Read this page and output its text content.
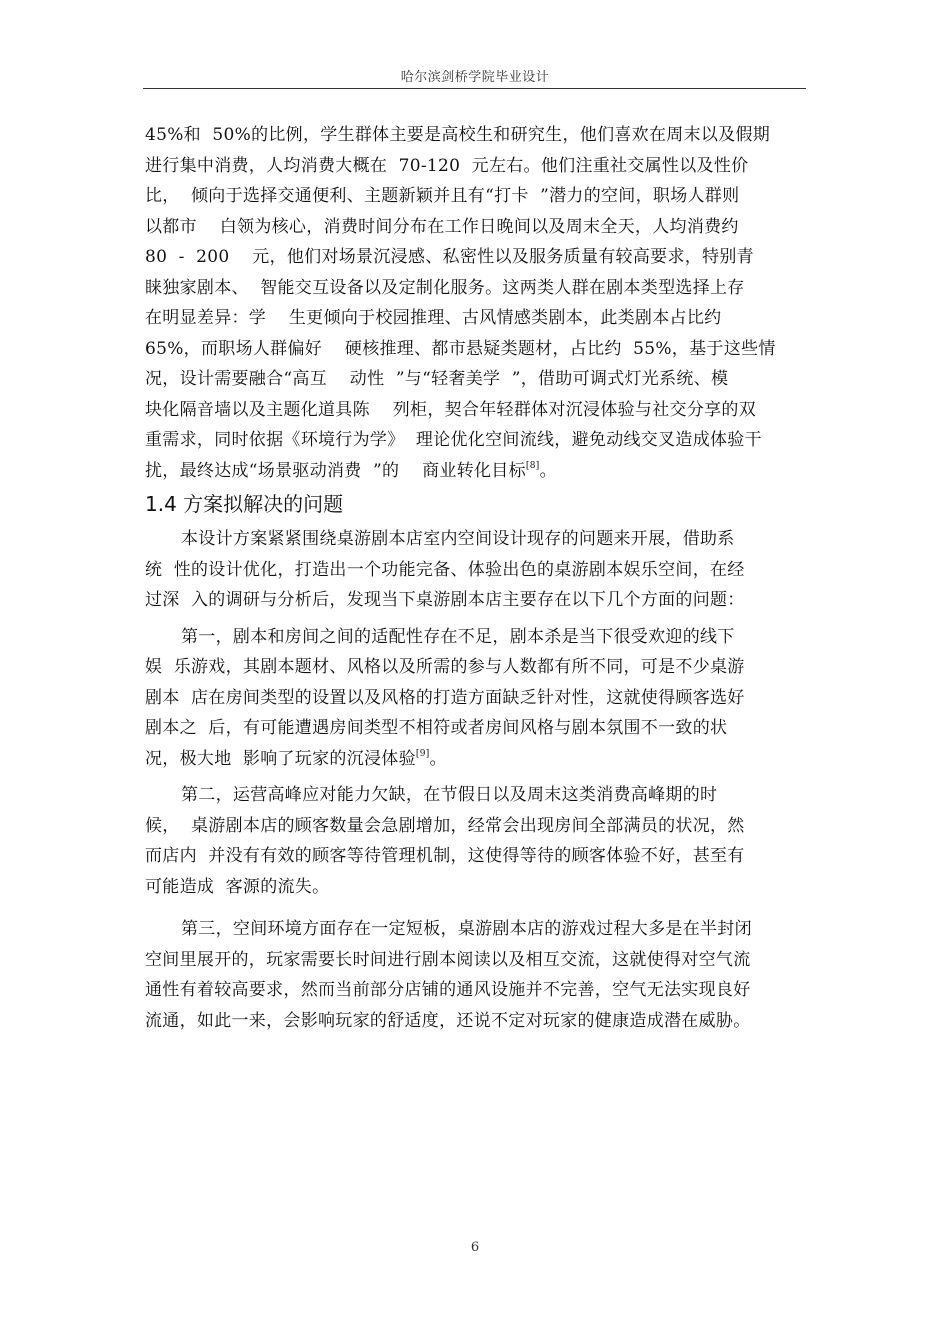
哈尔滨剑桥学院毕业设计
45%和  50%的比例，学生群体主要是高校生和研究生，他们喜欢在周末以及假期
进行集中消费，人均消费大概在  70-120  元左右。他们注重社交属性以及性价
比，  倾向于选择交通便利、主题新颖并且有“打卡  ”潜力的空间，职场人群则
以都市    白领为核心，消费时间分布在工作日晚间以及周末全天，人均消费约
80  -  200    元，他们对场景沉浸感、私密性以及服务质量有较高要求，特别青
睐独家剧本、  智能交互设备以及定制化服务。这两类人群在剧本类型选择上存
在明显差异：学    生更倾向于校园推理、古风情感类剧本，此类剧本占比约
65%，而职场人群偏好    硬核推理、都市悬疑类题材，占比约  55%，基于这些情
况，设计需要融合“高互    动性  ”与“轻奢美学  ”，借助可调式灯光系统、模
块化隔音墙以及主题化道具陈    列柜，契合年轻群体对沉浸体验与社交分享的双
重需求，同时依据《环境行为学》  理论优化空间流线，避免动线交叉造成体验干
扰，最终达成“场景驱动消费  ”的    商业转化目标[8]。
1.4 方案拟解决的问题
本设计方案紧紧围绕桌游剧本店室内空间设计现存的问题来开展，借助系
统  性的设计优化，打造出一个功能完备、体验出色的桌游剧本娱乐空间，在经
过深  入的调研与分析后，发现当下桌游剧本店主要存在以下几个方面的问题：
第一，剧本和房间之间的适配性存在不足，剧本杀是当下很受欢迎的线下
娱  乐游戏，其剧本题材、风格以及所需的参与人数都有所不同，可是不少桌游
剧本  店在房间类型的设置以及风格的打造方面缺乏针对性，这就使得顾客选好
剧本之  后，有可能遭遇房间类型不相符或者房间风格与剧本氛围不一致的状
况，极大地  影响了玩家的沉浸体验[9]。
第二，运营高峰应对能力欠缺，在节假日以及周末这类消费高峰期的时
候，  桌游剧本店的顾客数量会急剧增加，经常会出现房间全部满员的状况，然
而店内  并没有有效的顾客等待管理机制，这使得等待的顾客体验不好，甚至有
可能造成  客源的流失。
第三，空间环境方面存在一定短板，桌游剧本店的游戏过程大多是在半封闭
空间里展开的，玩家需要长时间进行剧本阅读以及相互交流，这就使得对空气流
通性有着较高要求，然而当前部分店铺的通风设施并不完善，空气无法实现良好
流通，如此一来，会影响玩家的舒适度，还说不定对玩家的健康造成潜在威胁。
6
